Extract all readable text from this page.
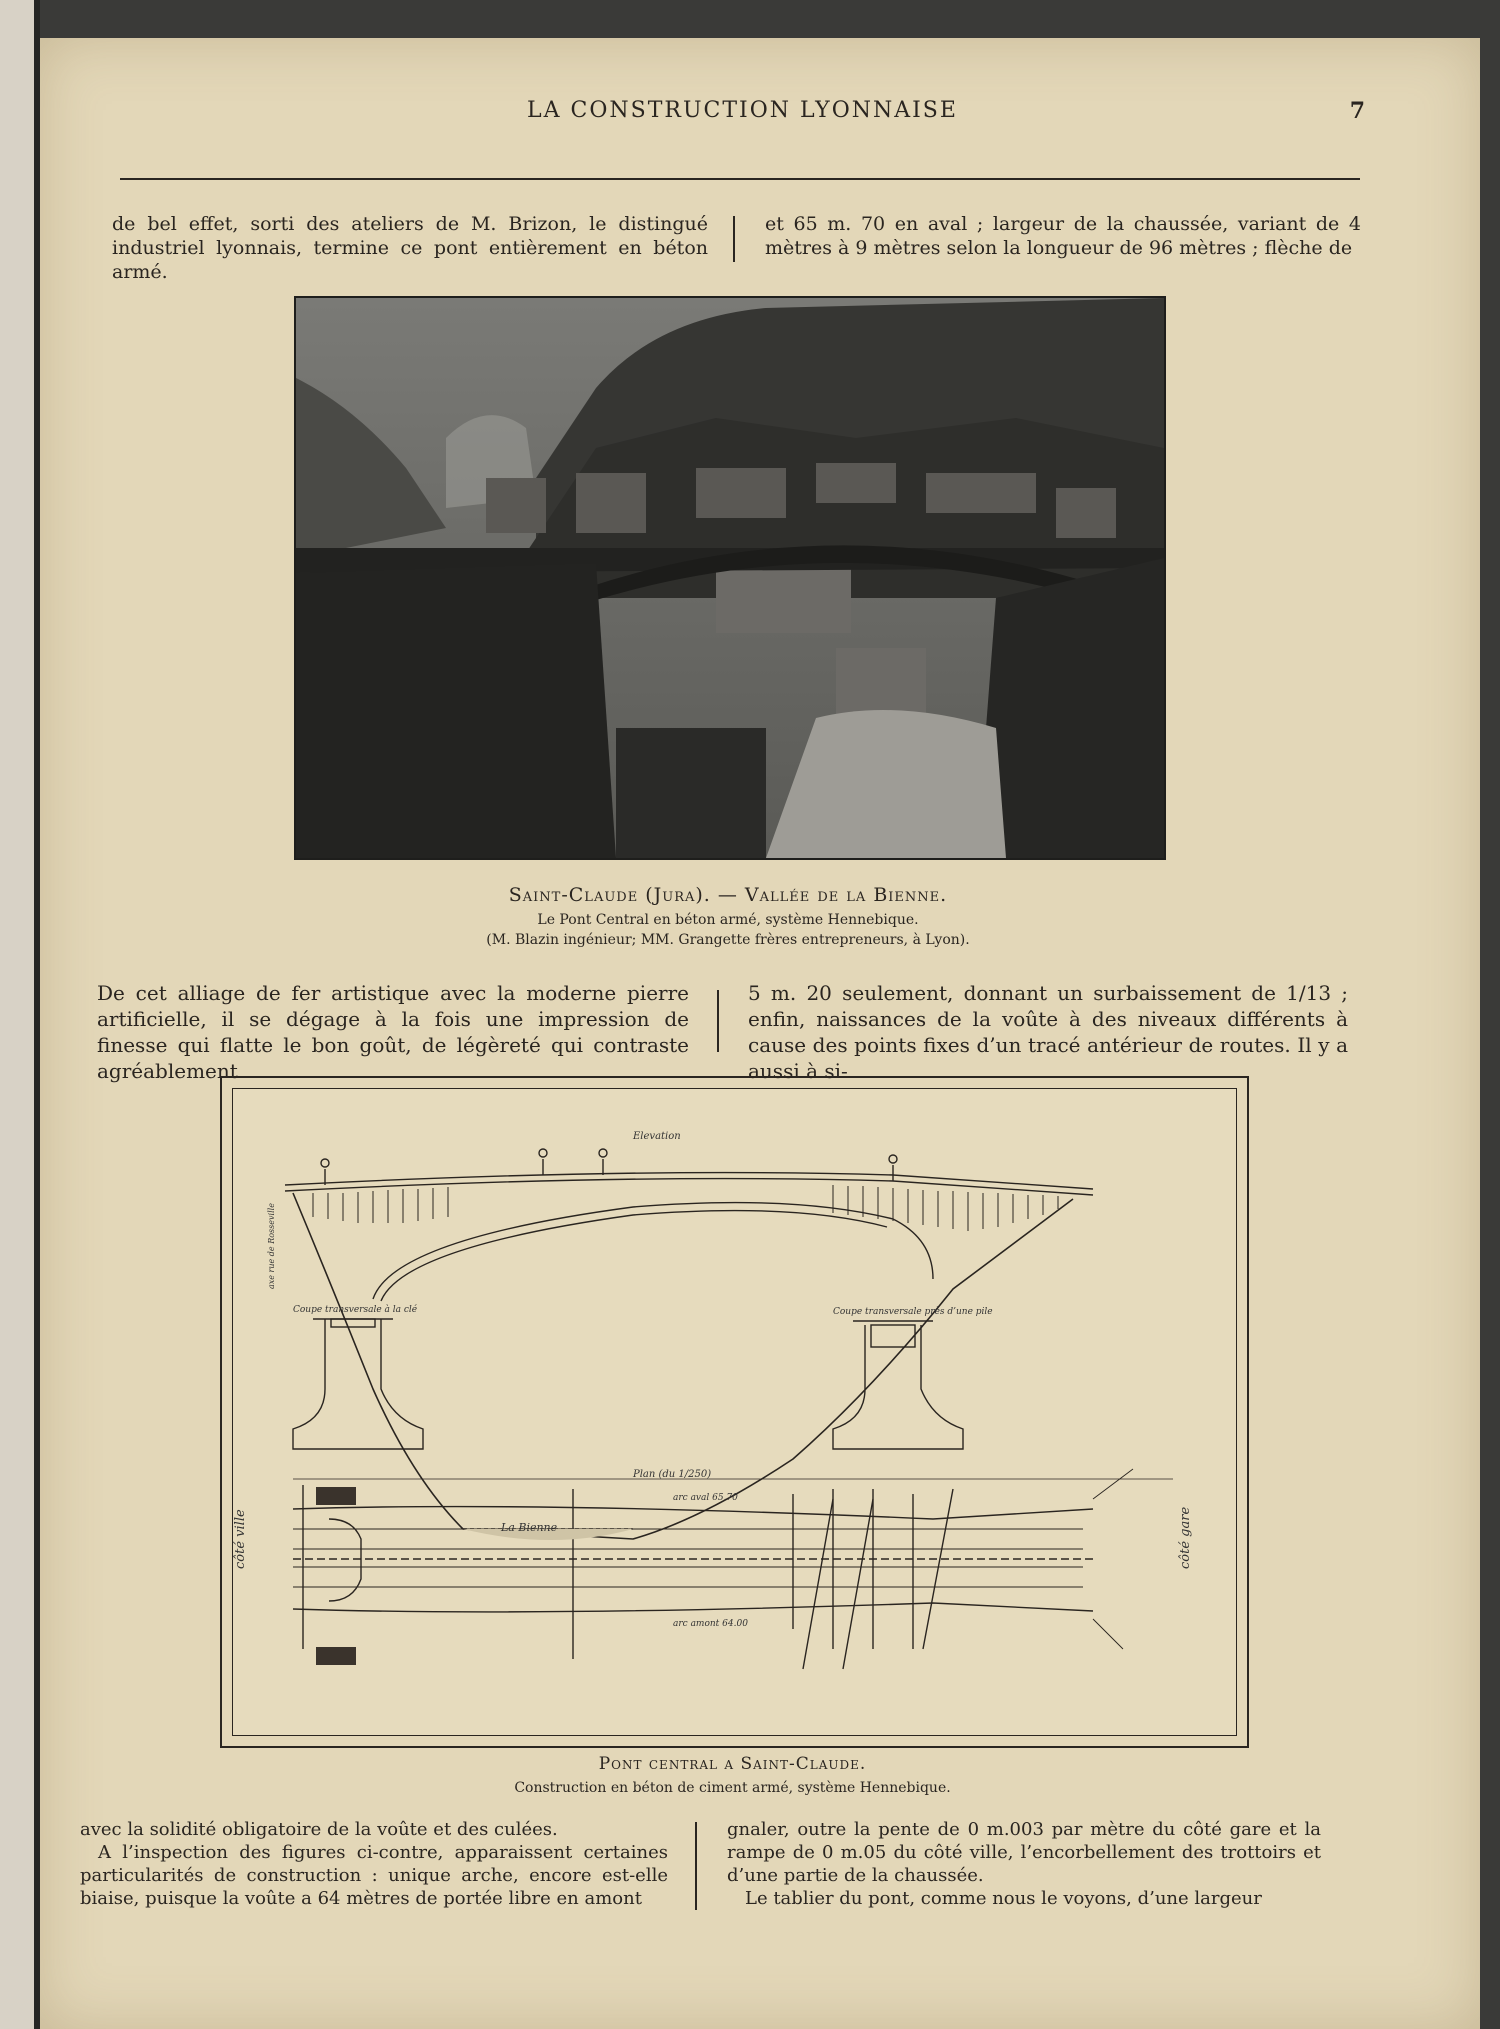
LA CONSTRUCTION LYONNAISE	7

de bel effet, sorti des ateliers de M. Brizon, le distingué industriel lyonnais, termine ce pont entièrement en béton armé.

et 65 m. 70 en aval ; largeur de la chaussée, variant de 4 mètres à 9 mètres selon la longueur de 96 mètres ; flèche de

Saint-Claude (Jura). — Vallée de la Bienne.
Le Pont Central en béton armé, système Hennebique.
(M. Blazin ingénieur; MM. Grangette frères entrepreneurs, à Lyon).

De cet alliage de fer artistique avec la moderne pierre artificielle, il se dégage à la fois une impression de finesse qui flatte le bon goût, de légèreté qui contraste agréablement

5 m. 20 seulement, donnant un surbaissement de 1/13 ; enfin, naissances de la voûte à des niveaux différents à cause des points fixes d’un tracé antérieur de routes. Il y a aussi à si-

Elevation
La Bienne
Coupe transversale à la clé	Coupe transversale près d’une pile
Plan (du 1/250)
arc aval 65.70
arc amont 64.00
côté ville	côté gare
axe rue de Rosseville
Pont central a Saint-Claude.
Construction en béton de ciment armé, système Hennebique.

avec la solidité obligatoire de la voûte et des culées.

A l’inspection des figures ci-contre, apparaissent certaines particularités de construction : unique arche, encore est-elle biaise, puisque la voûte a 64 mètres de portée libre en amont

gnaler, outre la pente de 0 m.003 par mètre du côté gare et la rampe de 0 m.05 du côté ville, l’encorbellement des trottoirs et d’une partie de la chaussée.

Le tablier du pont, comme nous le voyons, d’une largeur
